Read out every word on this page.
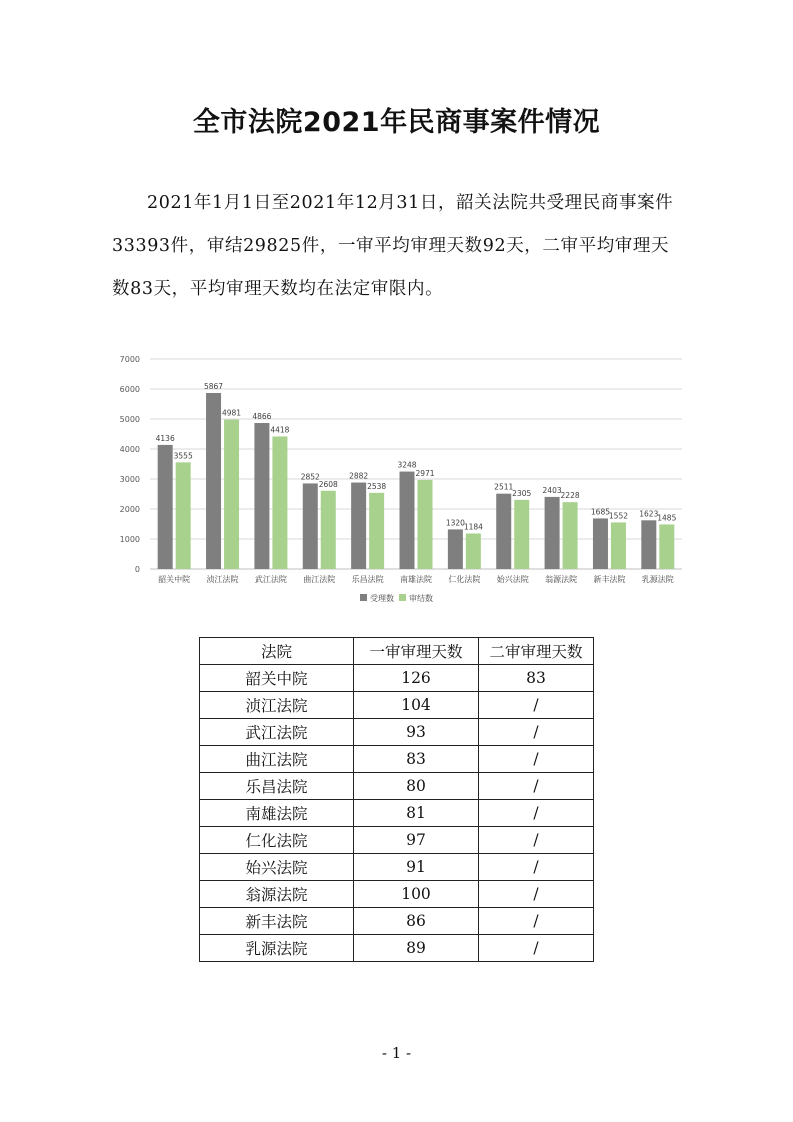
全市法院2021年民商事案件情况

2021年1月1日至2021年12月31日，韶关法院共受理民商事案件33393件，审结29825件，一审平均审理天数92天，二审平均审理天数83天，平均审理天数均在法定审限内。

0
1000
2000
3000
4000
5000
6000
7000
4136
3555
韶关中院
5867
4981
浈江法院
4866
4418
武江法院
2852
2608
曲江法院
2882
2538
乐昌法院
3248
2971
南雄法院
1320
1184
仁化法院
2511
2305
始兴法院
2403
2228
翁源法院
1685
1552
新丰法院
1623
1485
乳源法院
受理数 审结数
法院	一审审理天数	二审审理天数
韶关中院	126	83
浈江法院	104	/
武江法院	93	/
曲江法院	83	/
乐昌法院	80	/
南雄法院	81	/
仁化法院	97	/
始兴法院	91	/
翁源法院	100	/
新丰法院	86	/
乳源法院	89	/
- 1 -
